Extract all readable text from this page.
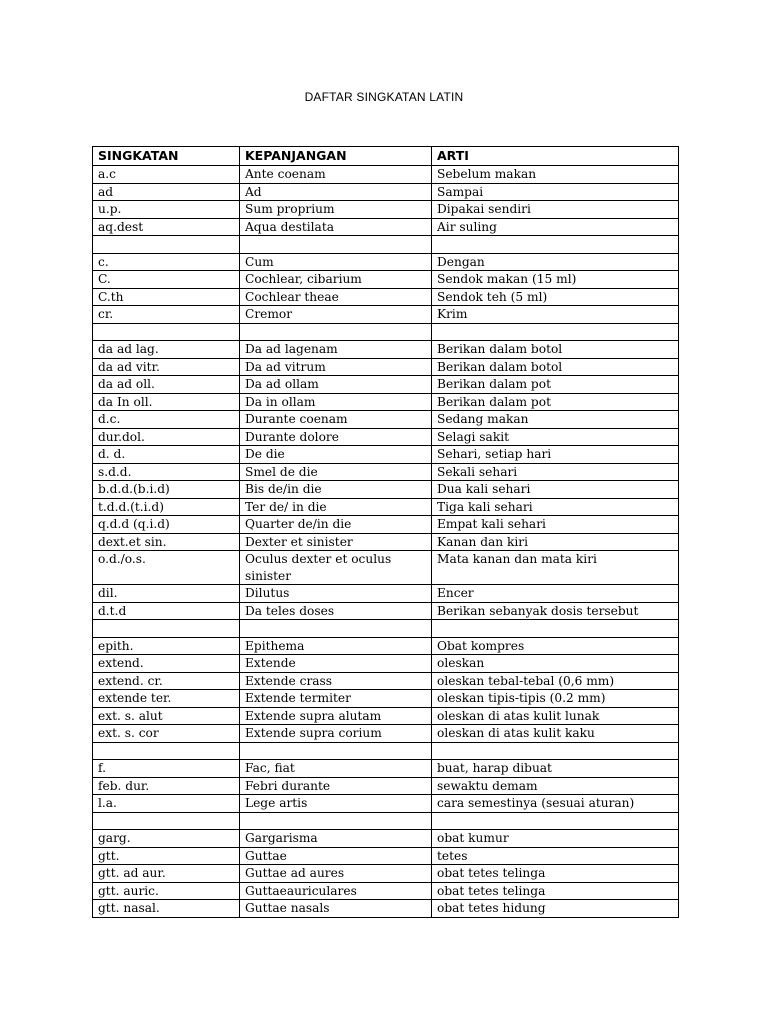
DAFTAR SINGKATAN LATIN
SINGKATAN	KEPANJANGAN	ARTI
a.c	Ante coenam	Sebelum makan
ad	Ad	Sampai
u.p.	Sum proprium	Dipakai sendiri
aq.dest	Aqua destilata	Air suling

c.	Cum	Dengan
C.	Cochlear, cibarium	Sendok makan (15 ml)
C.th	Cochlear theae	Sendok teh (5 ml)
cr.	Cremor	Krim

da ad lag.	Da ad lagenam	Berikan dalam botol
da ad vitr.	Da ad vitrum	Berikan dalam botol
da ad oll.	Da ad ollam	Berikan dalam pot
da In oll.	Da in ollam	Berikan dalam pot
d.c.	Durante coenam	Sedang makan
dur.dol.	Durante dolore	Selagi sakit
d. d.	De die	Sehari, setiap hari
s.d.d.	Smel de die	Sekali sehari
b.d.d.(b.i.d)	Bis de/in die	Dua kali sehari
t.d.d.(t.i.d)	Ter de/ in die	Tiga kali sehari
q.d.d (q.i.d)	Quarter de/in die	Empat kali sehari
dext.et sin.	Dexter et sinister	Kanan dan kiri
o.d./o.s.	Oculus dexter et oculus sinister	Mata kanan dan mata kiri
dil.	Dilutus	Encer
d.t.d	Da teles doses	Berikan sebanyak dosis tersebut

epith.	Epithema	Obat kompres
extend.	Extende	oleskan
extend. cr.	Extende crass	oleskan tebal-tebal (0,6 mm)
extende ter.	Extende termiter	oleskan tipis-tipis (0.2 mm)
ext. s. alut	Extende supra alutam	oleskan di atas kulit lunak
ext. s. cor	Extende supra corium	oleskan di atas kulit kaku

f.	Fac, fiat	buat, harap dibuat
feb. dur.	Febri durante	sewaktu demam
l.a.	Lege artis	cara semestinya (sesuai aturan)

garg.	Gargarisma	obat kumur
gtt.	Guttae	tetes
gtt. ad aur.	Guttae ad aures	obat tetes telinga
gtt. auric.	Guttaeauriculares	obat tetes telinga
gtt. nasal.	Guttae nasals	obat tetes hidung
